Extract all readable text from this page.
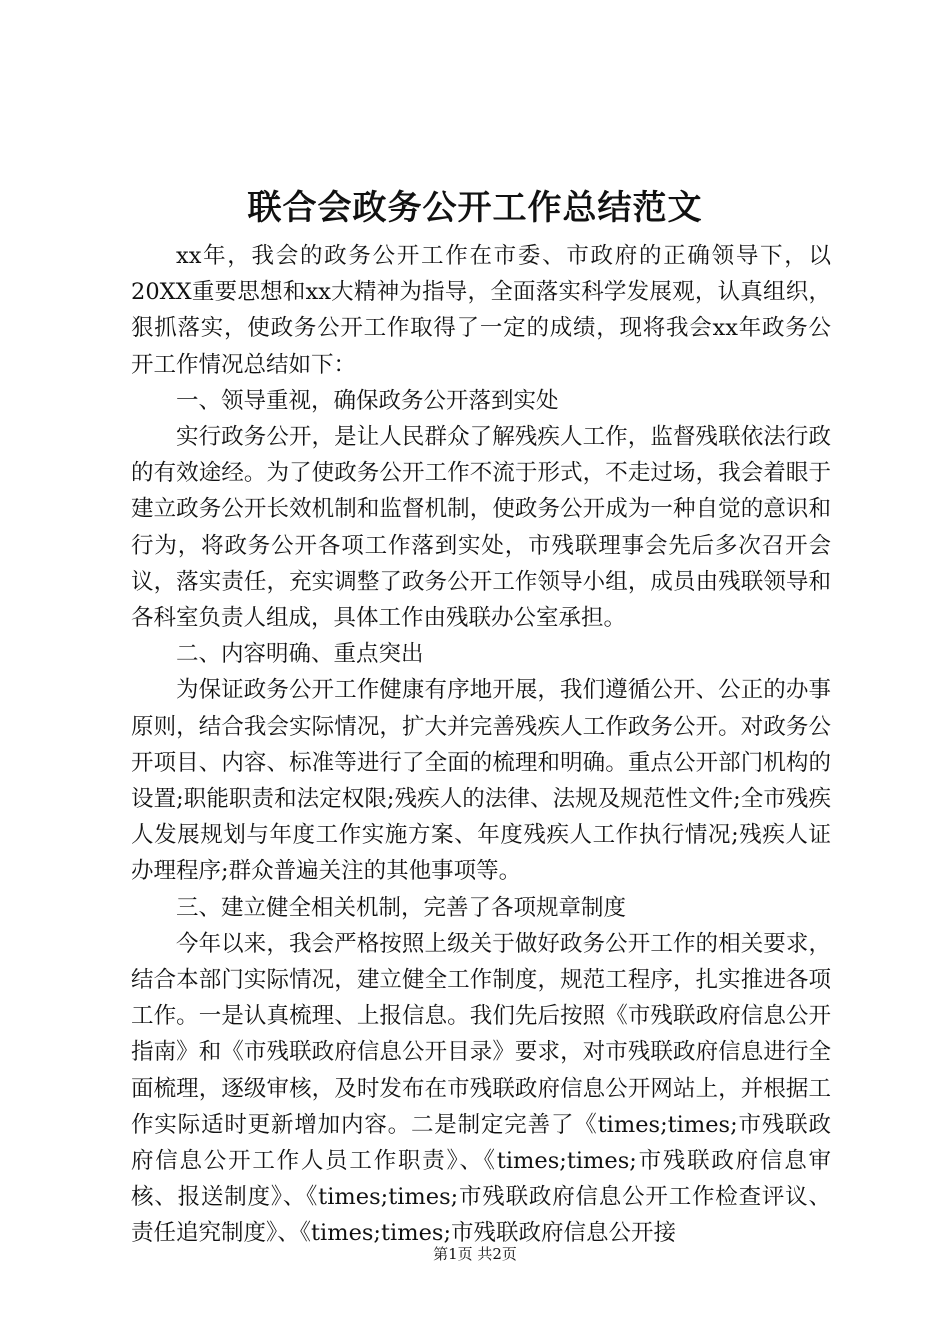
联合会政务公开工作总结范文

xx年，我会的政务公开工作在市委、市政府的正确领导下，以20XX重要思想和xx大精神为指导，全面落实科学发展观，认真组织，狠抓落实，使政务公开工作取得了一定的成绩，现将我会xx年政务公开工作情况总结如下：

一、领导重视，确保政务公开落到实处

实行政务公开，是让人民群众了解残疾人工作，监督残联依法行政的有效途经。为了使政务公开工作不流于形式，不走过场，我会着眼于建立政务公开长效机制和监督机制，使政务公开成为一种自觉的意识和行为，将政务公开各项工作落到实处，市残联理事会先后多次召开会议，落实责任，充实调整了政务公开工作领导小组，成员由残联领导和各科室负责人组成，具体工作由残联办公室承担。

二、内容明确、重点突出

为保证政务公开工作健康有序地开展，我们遵循公开、公正的办事原则，结合我会实际情况，扩大并完善残疾人工作政务公开。对政务公开项目、内容、标准等进行了全面的梳理和明确。重点公开部门机构的设置;职能职责和法定权限;残疾人的法律、法规及规范性文件;全市残疾人发展规划与年度工作实施方案、年度残疾人工作执行情况;残疾人证办理程序;群众普遍关注的其他事项等。

三、建立健全相关机制，完善了各项规章制度

今年以来，我会严格按照上级关于做好政务公开工作的相关要求，结合本部门实际情况，建立健全工作制度，规范工程序，扎实推进各项工作。一是认真梳理、上报信息。我们先后按照《市残联政府信息公开指南》和《市残联政府信息公开目录》要求，对市残联政府信息进行全面梳理，逐级审核，及时发布在市残联政府信息公开网站上，并根据工作实际适时更新增加内容。二是制定完善了《times;times;市残联政府信息公开工作人员工作职责》、《times;times;市残联政府信息审核、报送制度》、《times;times;市残联政府信息公开工作检查评议、责任追究制度》、《times;times;市残联政府信息公开接

第1页 共2页
